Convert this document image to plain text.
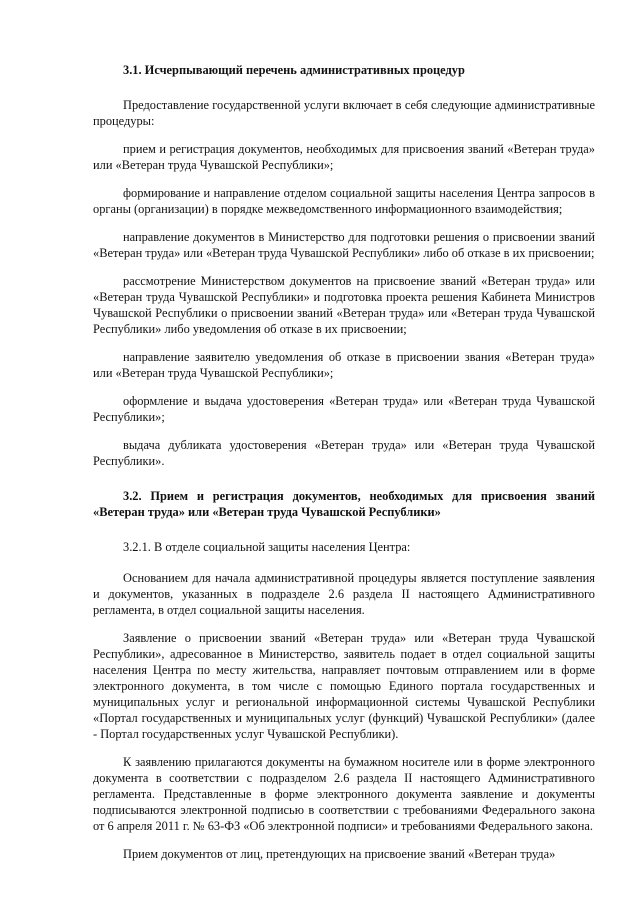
3.1. Исчерпывающий перечень административных процедур
Предоставление государственной услуги включает в себя следующие административные процедуры:
прием и регистрация документов, необходимых для присвоения званий «Ветеран труда» или «Ветеран труда Чувашской Республики»;
формирование и направление отделом социальной защиты населения Центра запросов в органы (организации) в порядке межведомственного информационного взаимодействия;
направление документов в Министерство для подготовки решения о присвоении званий «Ветеран труда» или «Ветеран труда Чувашской Республики» либо об отказе в их присвоении;
рассмотрение Министерством документов на присвоение званий «Ветеран труда» или «Ветеран труда Чувашской Республики» и подготовка проекта решения Кабинета Министров Чувашской Республики о присвоении званий «Ветеран труда» или «Ветеран труда Чувашской Республики» либо уведомления об отказе в их присвоении;
направление заявителю уведомления об отказе в присвоении звания «Ветеран труда» или «Ветеран труда Чувашской Республики»;
оформление и выдача удостоверения «Ветеран труда» или «Ветеран труда Чувашской Республики»;
выдача дубликата удостоверения «Ветеран труда» или «Ветеран труда Чувашской Республики».
3.2. Прием и регистрация документов, необходимых для присвоения званий «Ветеран труда» или «Ветеран труда Чувашской Республики»
3.2.1. В отделе социальной защиты населения Центра:
Основанием для начала административной процедуры является поступление заявления и документов, указанных в подразделе 2.6 раздела II настоящего Административного регламента, в отдел социальной защиты населения.
Заявление о присвоении званий «Ветеран труда» или «Ветеран труда Чувашской Республики», адресованное в Министерство, заявитель подает в отдел социальной защиты населения Центра по месту жительства, направляет почтовым отправлением или в форме электронного документа, в том числе с помощью Единого портала государственных и муниципальных услуг и региональной информационной системы Чувашской Республики «Портал государственных и муниципальных услуг (функций) Чувашской Республики» (далее - Портал государственных услуг Чувашской Республики).
К заявлению прилагаются документы на бумажном носителе или в форме электронного документа в соответствии с подразделом 2.6 раздела II настоящего Административного регламента. Представленные в форме электронного документа заявление и документы подписываются электронной подписью в соответствии с требованиями Федерального закона от 6 апреля 2011 г. № 63-ФЗ «Об электронной подписи» и требованиями Федерального закона.
Прием документов от лиц, претендующих на присвоение званий «Ветеран труда»
